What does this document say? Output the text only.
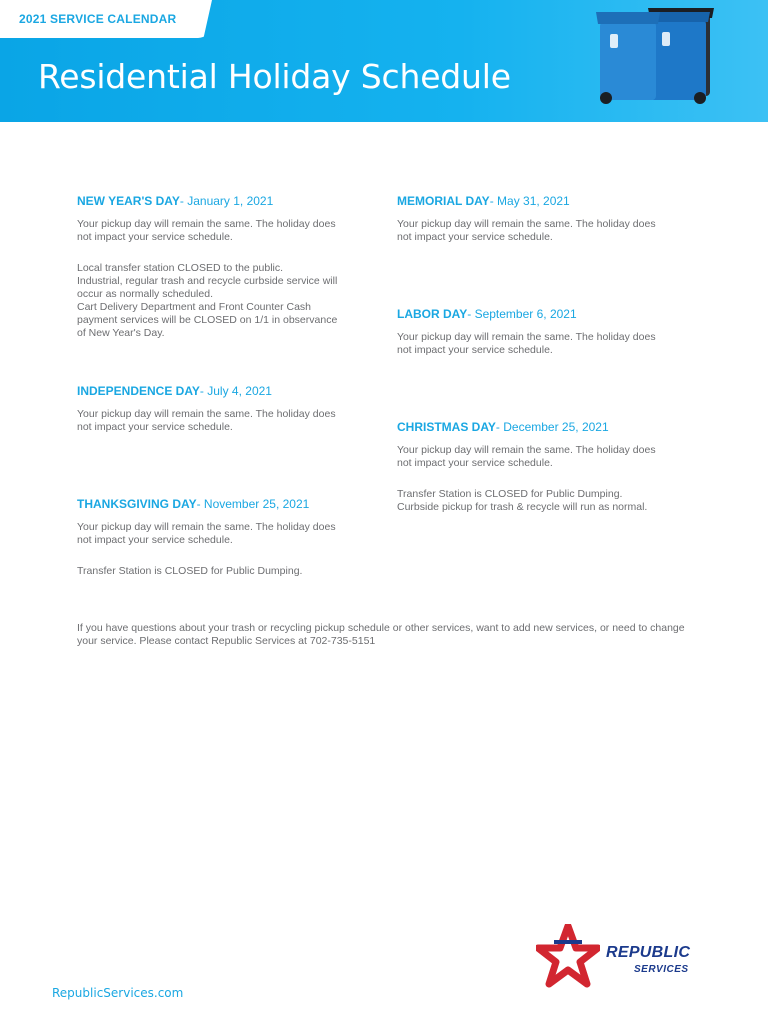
2021 SERVICE CALENDAR
Residential Holiday Schedule
NEW YEAR'S DAY- January 1, 2021
Your pickup day will remain the same. The holiday does
not impact your service schedule.
Local transfer station CLOSED to the public.
Industrial, regular trash and recycle curbside service will
occur as normally scheduled.
Cart Delivery Department and Front Counter Cash
payment services will be CLOSED on 1/1 in observance
of New Year's Day.
INDEPENDENCE DAY- July 4, 2021
Your pickup day will remain the same. The holiday does
not impact your service schedule.
THANKSGIVING DAY- November 25, 2021
Your pickup day will remain the same. The holiday does
not impact your service schedule.
Transfer Station is CLOSED for Public Dumping.
MEMORIAL DAY- May 31, 2021
Your pickup day will remain the same. The holiday does
not impact your service schedule.
LABOR DAY- September 6, 2021
Your pickup day will remain the same. The holiday does
not impact your service schedule.
CHRISTMAS DAY- December 25, 2021
Your pickup day will remain the same. The holiday does
not impact your service schedule.
Transfer Station is CLOSED for Public Dumping.
Curbside pickup for trash & recycle will run as normal.
If you have questions about your trash or recycling pickup schedule or other services, want to add new services, or need to change your service. Please contact Republic Services at 702-735-5151
RepublicServices.com
REPUBLIC
SERVICES
